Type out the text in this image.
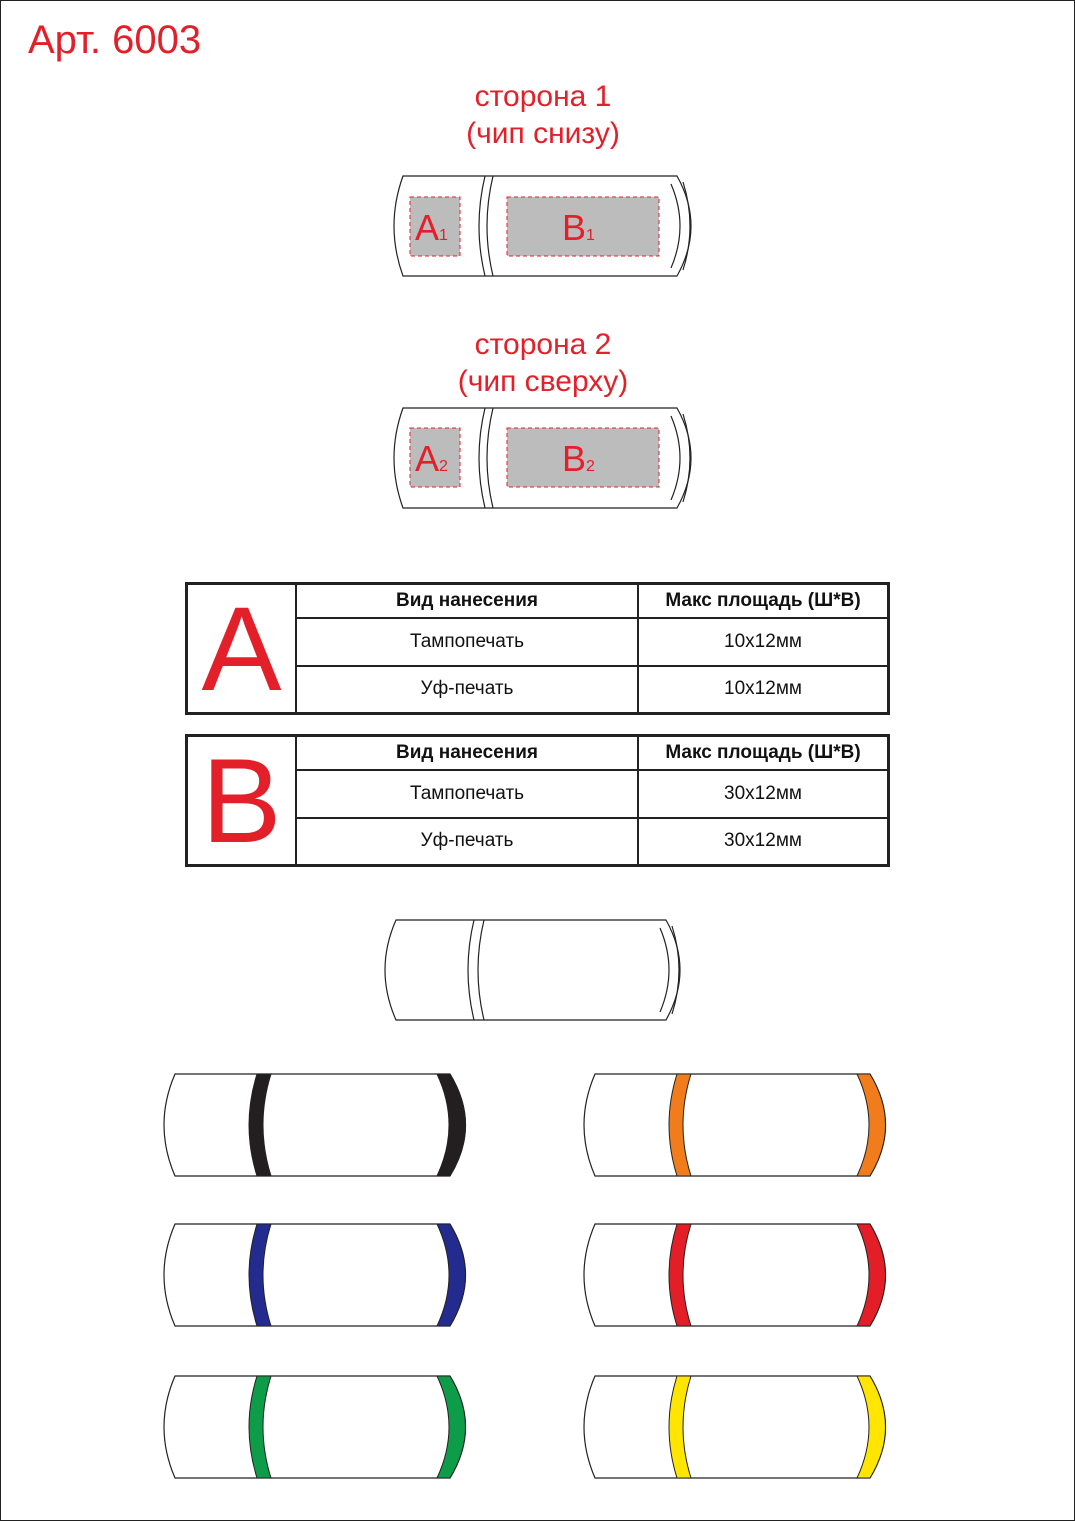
Арт. 6003
сторона 1
(чип снизу)
A1	B1
сторона 2
(чип сверху)
A2	B2
A	Вид нанесения	Макс площадь (Ш*В)
	Тампопечать	10x12мм
	Уф-печать	10x12мм
B	Вид нанесения	Макс площадь (Ш*В)
	Тампопечать	30x12мм
	Уф-печать	30x12мм
